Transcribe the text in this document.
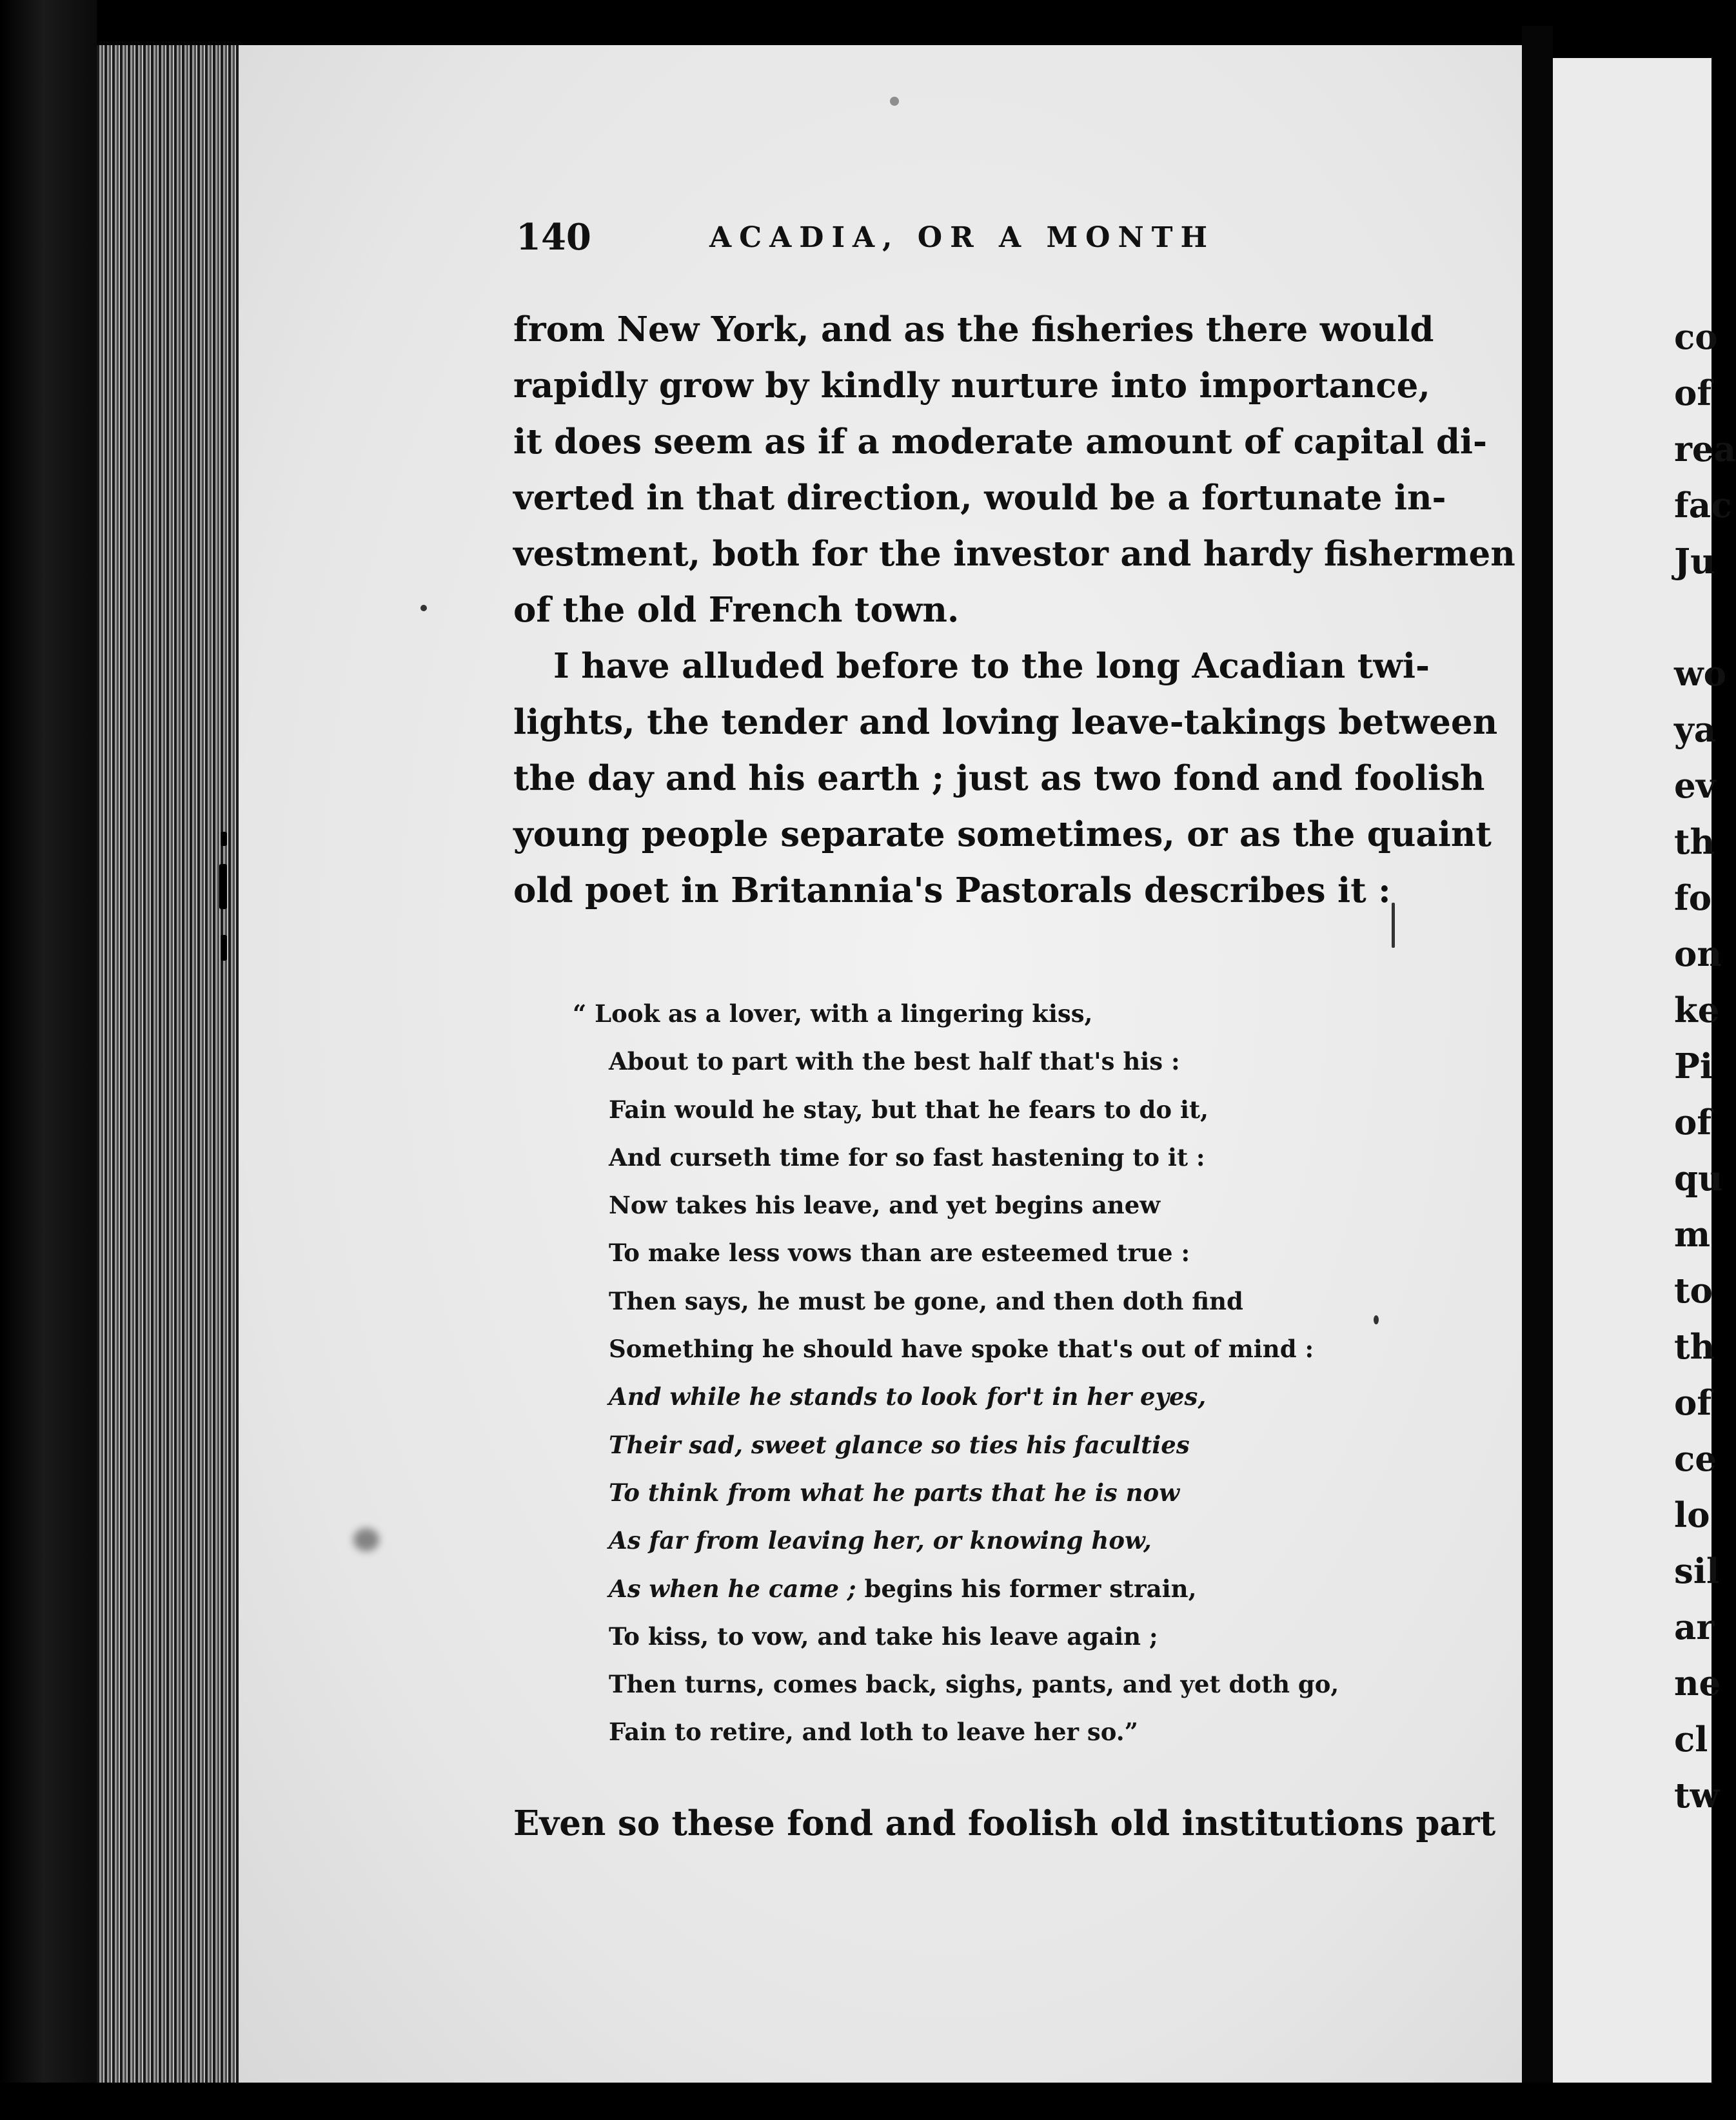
140	ACADIA, OR A MONTH
from New York, and as the fisheries there would
rapidly grow by kindly nurture into importance,
it does seem as if a moderate amount of capital di-
verted in that direction, would be a fortunate in-
vestment, both for the investor and hardy fishermen
of the old French town.
I have alluded before to the long Acadian twi-
lights, the tender and loving leave-takings between
the day and his earth ; just as two fond and foolish
young people separate sometimes, or as the quaint
old poet in Britannia's Pastorals describes it :
“ Look as a lover, with a lingering kiss,
About to part with the best half that's his :
Fain would he stay, but that he fears to do it,
And curseth time for so fast hastening to it :
Now takes his leave, and yet begins anew
To make less vows than are esteemed true :
Then says, he must be gone, and then doth find
Something he should have spoke that's out of mind :
And while he stands to look for't in her eyes,
Their sad, sweet glance so ties his faculties
To think from what he parts that he is now
As far from leaving her, or knowing how,
As when he came ; begins his former strain,
To kiss, to vow, and take his leave again ;
Then turns, comes back, sighs, pants, and yet doth go,
Fain to retire, and loth to leave her so.”
Even so these fond and foolish old institutions part
co
of
rea
fac
Ju

wo
ya
ev
th
fo
on
ke
Pi
of
qu
m
to
th
of
ce
lo
sil
ar
ne
cl
tw
